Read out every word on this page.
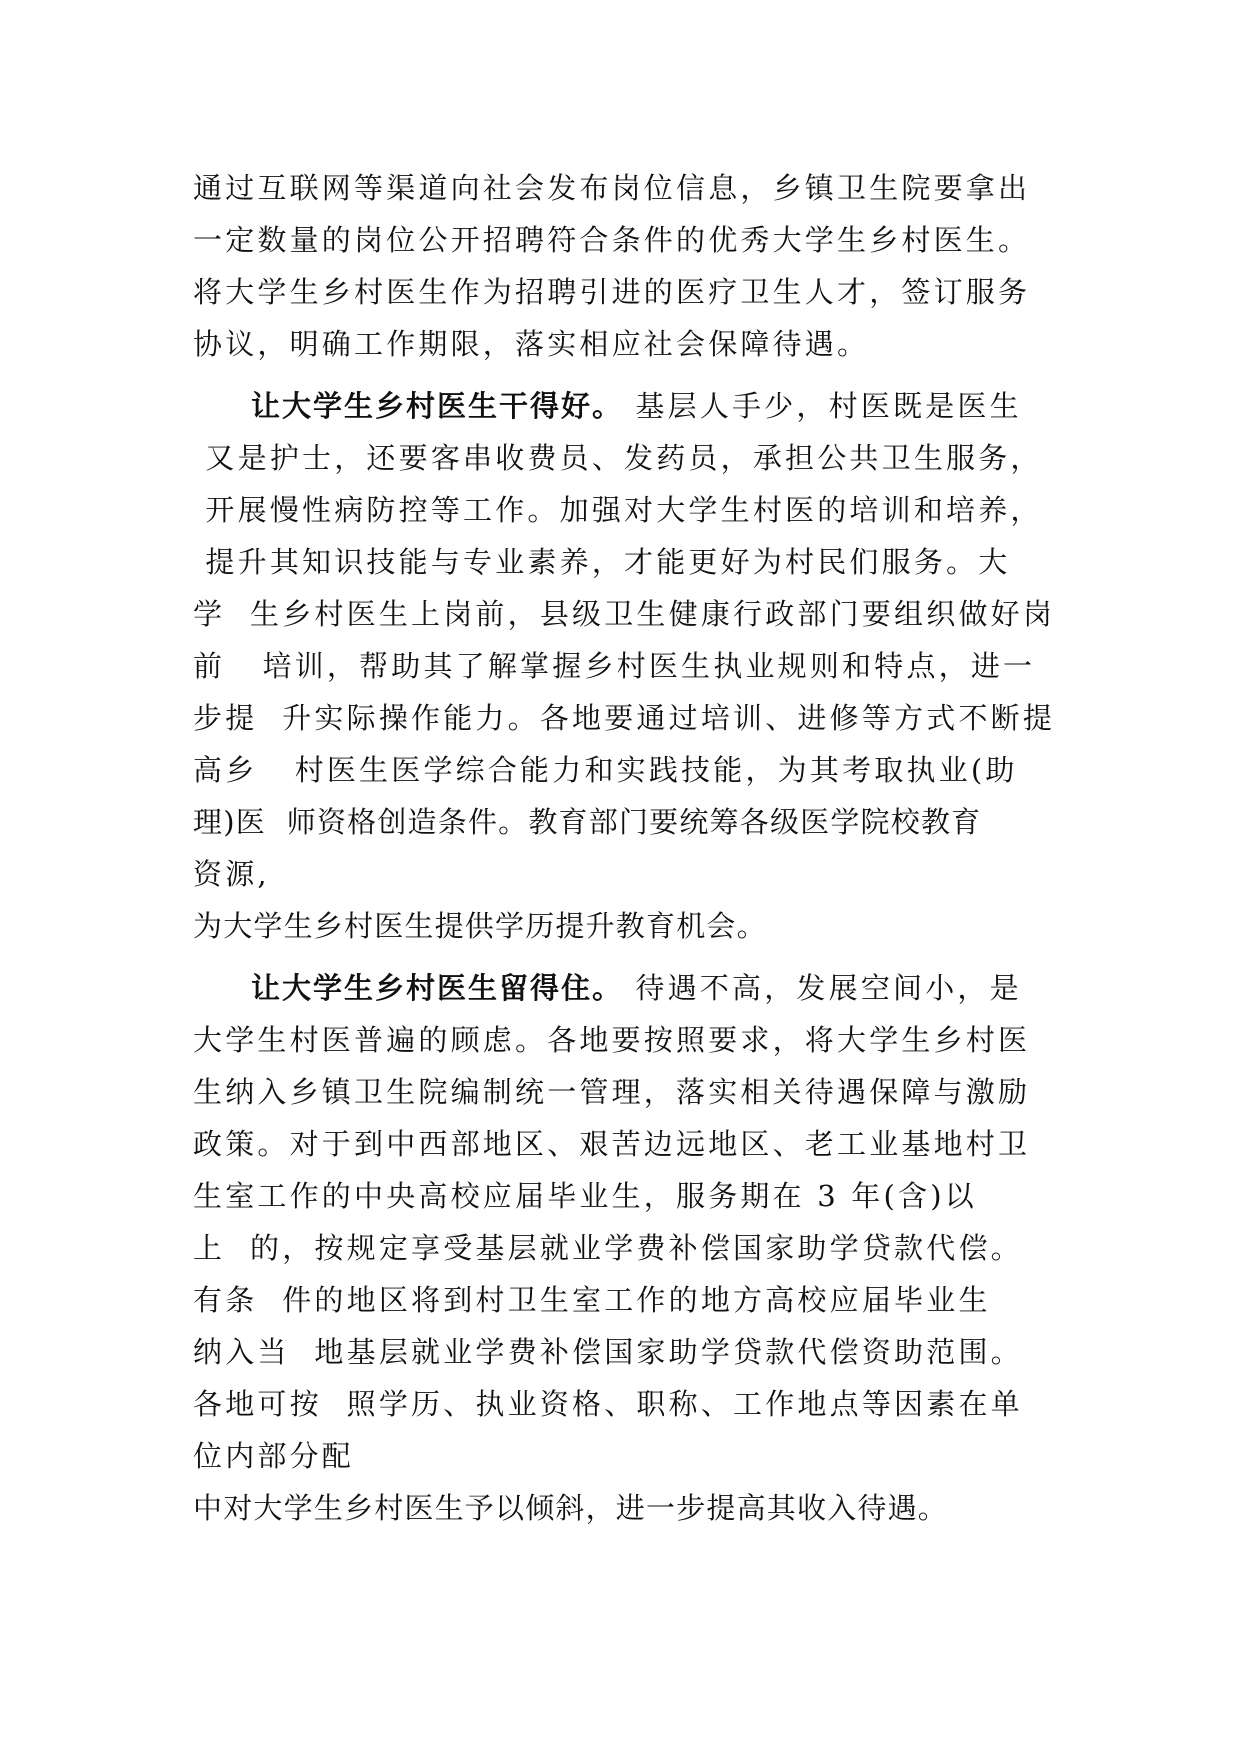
通过互联网等渠道向社会发布岗位信息，乡镇卫生院要拿出
一定数量的岗位公开招聘符合条件的优秀大学生乡村医生。
将大学生乡村医生作为招聘引进的医疗卫生人才，签订服务
协议，明确工作期限，落实相应社会保障待遇。
让大学生乡村医生干得好。 基层人手少，村医既是医生
又是护士，还要客串收费员、发药员，承担公共卫生服务，
开展慢性病防控等工作。加强对大学生村医的培训和培养，
提升其知识技能与专业素养，才能更好为村民们服务。大
学  生乡村医生上岗前，县级卫生健康行政部门要组织做好岗
前   培训，帮助其了解掌握乡村医生执业规则和特点，进一
步提  升实际操作能力。各地要通过培训、进修等方式不断提
高乡   村医生医学综合能力和实践技能，为其考取执业(助
理)医  师资格创造条件。教育部门要统筹各级医学院校教育
资源,
为大学生乡村医生提供学历提升教育机会。
让大学生乡村医生留得住。 待遇不高，发展空间小，是
大学生村医普遍的顾虑。各地要按照要求，将大学生乡村医
生纳入乡镇卫生院编制统一管理，落实相关待遇保障与激励
政策。对于到中西部地区、艰苦边远地区、老工业基地村卫
生室工作的中央高校应届毕业生，服务期在 3 年(含)以
上  的，按规定享受基层就业学费补偿国家助学贷款代偿。
有条  件的地区将到村卫生室工作的地方高校应届毕业生
纳入当  地基层就业学费补偿国家助学贷款代偿资助范围。
各地可按  照学历、执业资格、职称、工作地点等因素在单
位内部分配
中对大学生乡村医生予以倾斜，进一步提高其收入待遇。
